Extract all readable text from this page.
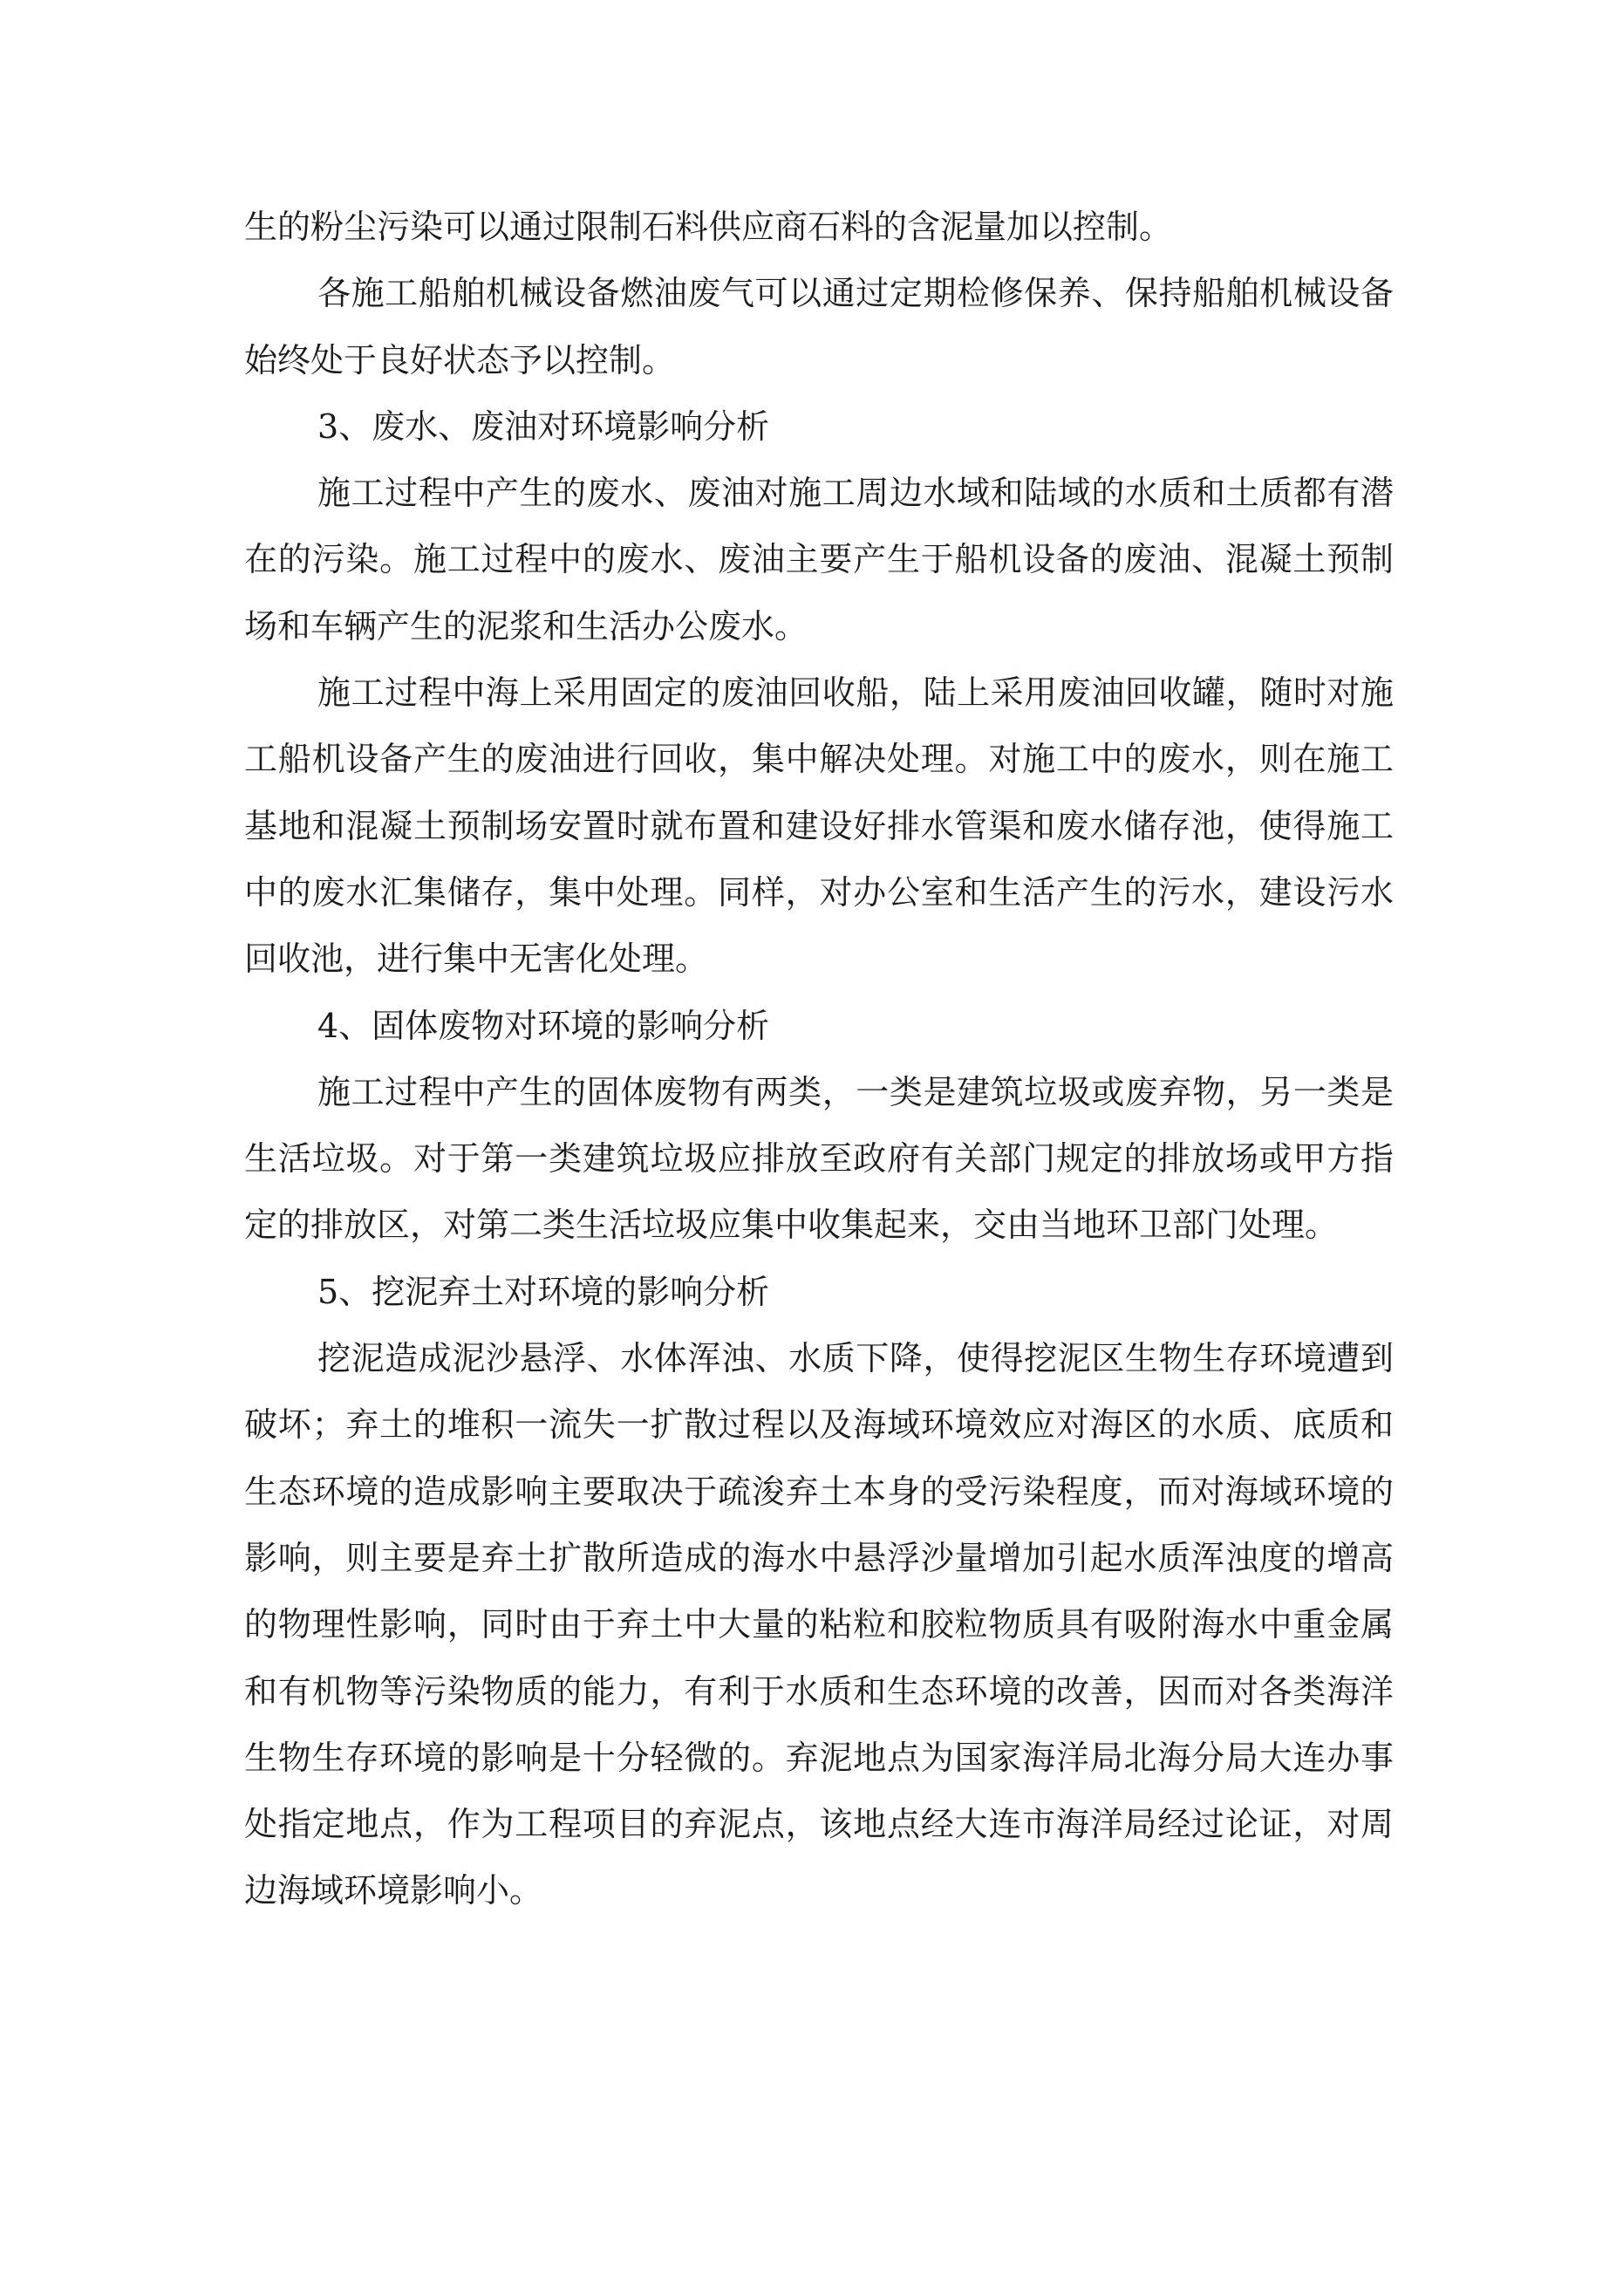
生的粉尘污染可以通过限制石料供应商石料的含泥量加以控制。

各施工船舶机械设备燃油废气可以通过定期检修保养、保持船舶机械设备始终处于良好状态予以控制。

3、废水、废油对环境影响分析

施工过程中产生的废水、废油对施工周边水域和陆域的水质和土质都有潜在的污染。施工过程中的废水、废油主要产生于船机设备的废油、混凝土预制场和车辆产生的泥浆和生活办公废水。

施工过程中海上采用固定的废油回收船，陆上采用废油回收罐，随时对施工船机设备产生的废油进行回收，集中解决处理。对施工中的废水，则在施工基地和混凝土预制场安置时就布置和建设好排水管渠和废水储存池，使得施工中的废水汇集储存，集中处理。同样，对办公室和生活产生的污水，建设污水回收池，进行集中无害化处理。

4、固体废物对环境的影响分析

施工过程中产生的固体废物有两类，一类是建筑垃圾或废弃物，另一类是生活垃圾。对于第一类建筑垃圾应排放至政府有关部门规定的排放场或甲方指定的排放区，对第二类生活垃圾应集中收集起来，交由当地环卫部门处理。

5、挖泥弃土对环境的影响分析

挖泥造成泥沙悬浮、水体浑浊、水质下降，使得挖泥区生物生存环境遭到破坏；弃土的堆积一流失一扩散过程以及海域环境效应对海区的水质、底质和生态环境的造成影响主要取决于疏浚弃土本身的受污染程度，而对海域环境的影响，则主要是弃土扩散所造成的海水中悬浮沙量增加引起水质浑浊度的增高的物理性影响，同时由于弃土中大量的粘粒和胶粒物质具有吸附海水中重金属和有机物等污染物质的能力，有利于水质和生态环境的改善，因而对各类海洋生物生存环境的影响是十分轻微的。弃泥地点为国家海洋局北海分局大连办事处指定地点，作为工程项目的弃泥点，该地点经大连市海洋局经过论证，对周边海域环境影响小。
